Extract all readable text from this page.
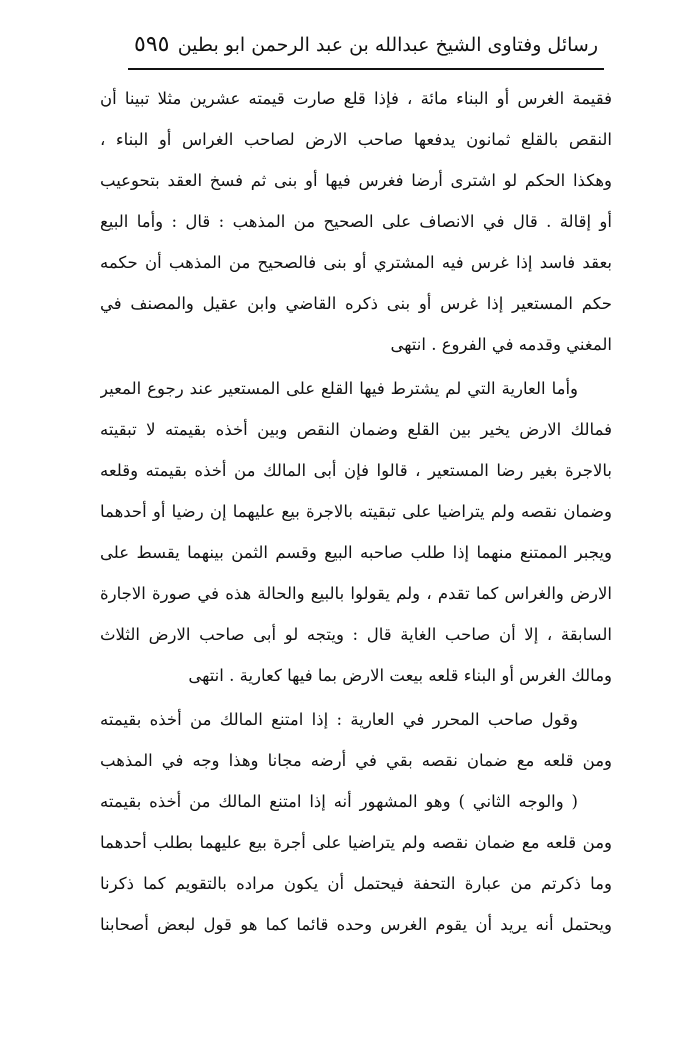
رسائل وفتاوى الشيخ عبدالله بن عبد الرحمن ابو بطين
٥٩٥
فقيمة الغرس أو البناء مائة ، فإذا قلع صارت قيمته عشرين مثلا تبينا أن
النقص بالقلع ثمانون يدفعها صاحب الارض لصاحب الغراس أو البناء ،
وهكذا الحكم لو اشترى أرضا فغرس فيها أو بنى ثم فسخ العقد بتحوعيب
أو إقالة . قال في الانصاف على الصحيح من المذهب : قال : وأما البيع
بعقد فاسد إذا غرس فيه المشتري أو بنى فالصحيح من المذهب أن حكمه
حكم المستعير إذا غرس أو بنى ذكره القاضي وابن عقيل والمصنف في
المغني وقدمه في الفروع . انتهى
وأما العارية التي لم يشترط فيها القلع على المستعير عند رجوع المعير
فمالك الارض يخير بين القلع وضمان النقص وبين أخذه بقيمته لا تبقيته
بالاجرة بغير رضا المستعير ، قالوا فإن أبى المالك من أخذه بقيمته وقلعه
وضمان نقصه ولم يتراضيا على تبقيته بالاجرة بيع عليهما إن رضيا أو أحدهما
ويجبر الممتنع منهما إذا طلب صاحبه البيع وقسم الثمن بينهما يقسط على
الارض والغراس كما تقدم ، ولم يقولوا بالبيع والحالة هذه في صورة الاجارة
السابقة ، إلا أن صاحب الغاية قال : ويتجه لو أبى صاحب الارض الثلاث
ومالك الغرس أو البناء قلعه بيعت الارض بما فيها كعارية . انتهى
وقول صاحب المحرر في العارية : إذا امتنع المالك من أخذه بقيمته
ومن قلعه مع ضمان نقصه بقي في أرضه مجانا وهذا وجه في المذهب
( والوجه الثاني ) وهو المشهور أنه إذا امتنع المالك من أخذه بقيمته
ومن قلعه مع ضمان نقصه ولم يتراضيا على أجرة بيع عليهما بطلب أحدهما
وما ذكرتم من عبارة التحفة فيحتمل أن يكون مراده بالتقويم كما ذكرنا
ويحتمل أنه يريد أن يقوم الغرس وحده قائما كما هو قول لبعض أصحابنا
